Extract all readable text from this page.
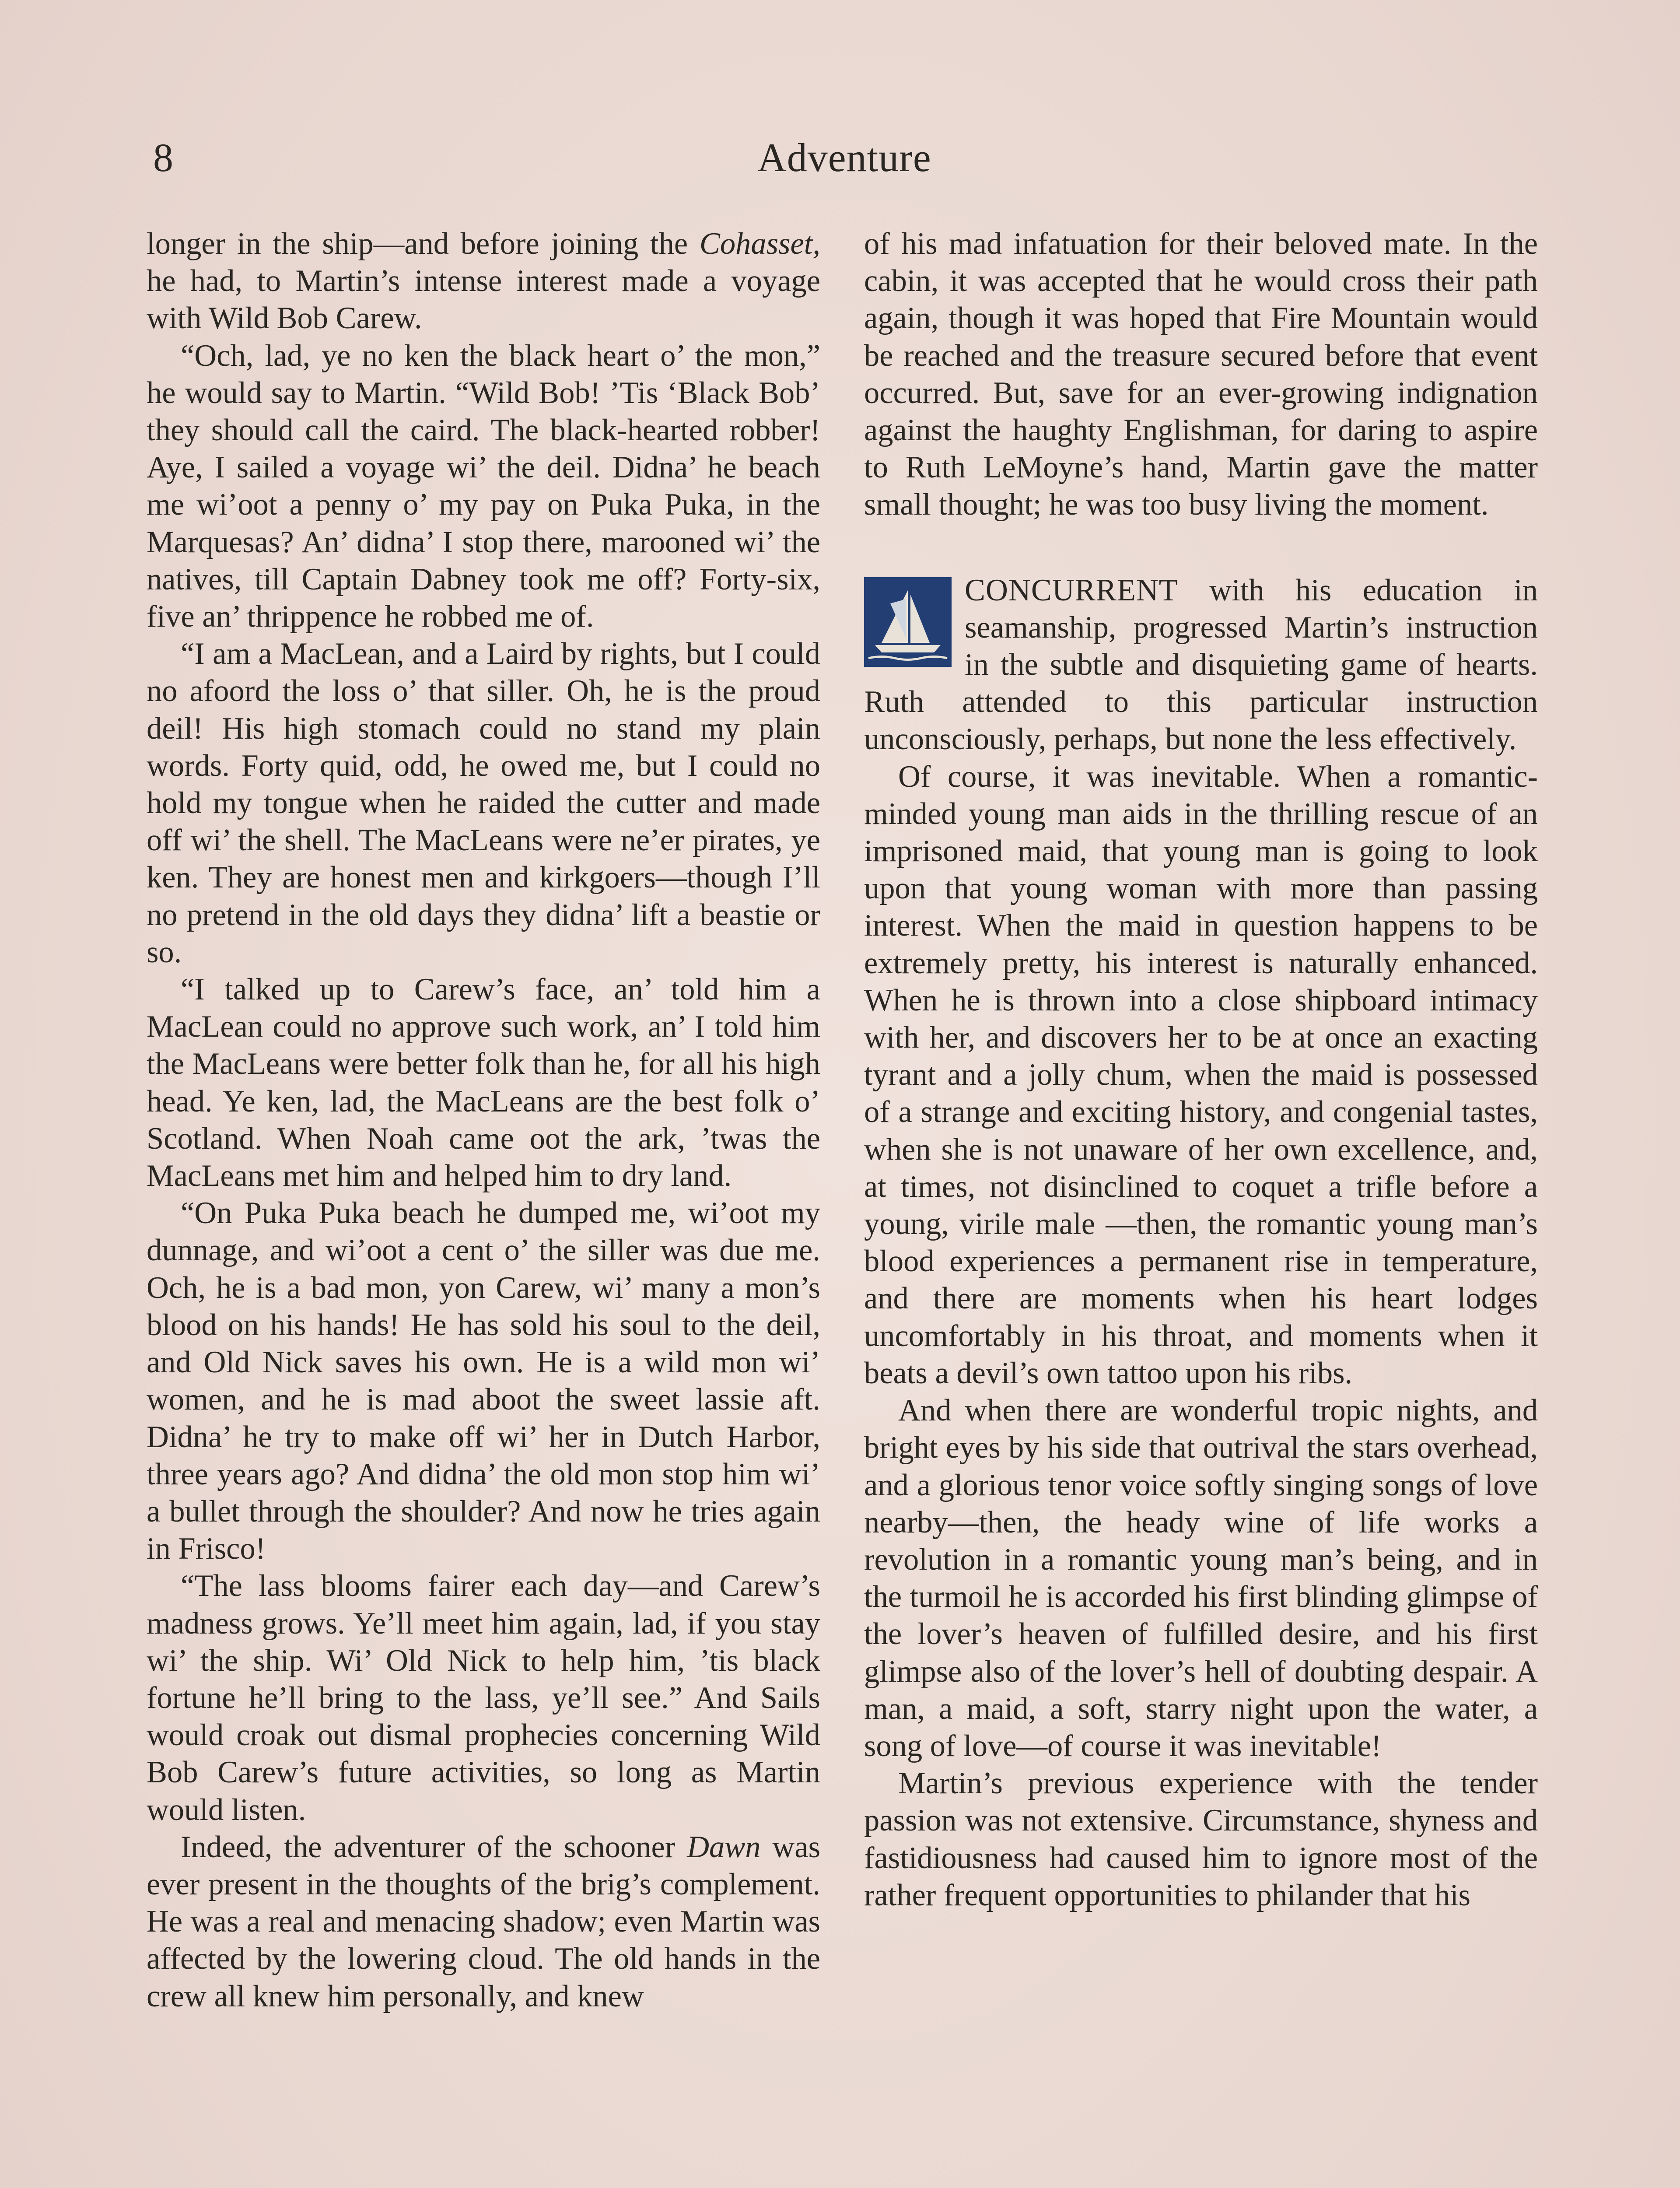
8	Adventure

longer in the ship—and before joining the Cohasset, he had, to Martin’s intense interest made a voyage with Wild Bob Carew.

“Och, lad, ye no ken the black heart o’ the mon,” he would say to Martin. “Wild Bob! ’Tis ‘Black Bob’ they should call the caird. The black-hearted robber! Aye, I sailed a voyage wi’ the deil. Didna’ he beach me wi’oot a penny o’ my pay on Puka Puka, in the Marquesas? An’ didna’ I stop there, marooned wi’ the natives, till Captain Dabney took me off? Forty-six, five an’ thrippence he robbed me of.

“I am a MacLean, and a Laird by rights, but I could no afoord the loss o’ that siller. Oh, he is the proud deil! His high stomach could no stand my plain words. Forty quid, odd, he owed me, but I could no hold my tongue when he raided the cutter and made off wi’ the shell. The MacLeans were ne’er pirates, ye ken. They are honest men and kirkgoers—though I’ll no pretend in the old days they didna’ lift a beastie or so.

“I talked up to Carew’s face, an’ told him a MacLean could no approve such work, an’ I told him the MacLeans were better folk than he, for all his high head. Ye ken, lad, the MacLeans are the best folk o’ Scotland. When Noah came oot the ark, ’twas the MacLeans met him and helped him to dry land.

“On Puka Puka beach he dumped me, wi’oot my dunnage, and wi’oot a cent o’ the siller was due me. Och, he is a bad mon, yon Carew, wi’ many a mon’s blood on his hands! He has sold his soul to the deil, and Old Nick saves his own. He is a wild mon wi’ women, and he is mad aboot the sweet lassie aft. Didna’ he try to make off wi’ her in Dutch Harbor, three years ago? And didna’ the old mon stop him wi’ a bullet through the shoulder? And now he tries again in Frisco!

“The lass blooms fairer each day—and Carew’s madness grows. Ye’ll meet him again, lad, if you stay wi’ the ship. Wi’ Old Nick to help him, ’tis black fortune he’ll bring to the lass, ye’ll see.” And Sails would croak out dismal prophecies concerning Wild Bob Carew’s future activities, so long as Martin would listen.

Indeed, the adventurer of the schooner Dawn was ever present in the thoughts of the brig’s complement. He was a real and menacing shadow; even Martin was affected by the lowering cloud. The old hands in the crew all knew him personally, and knew

of his mad infatuation for their beloved mate. In the cabin, it was accepted that he would cross their path again, though it was hoped that Fire Mountain would be reached and the treasure secured before that event occurred. But, save for an ever-growing indignation against the haughty Englishman, for daring to aspire to Ruth LeMoyne’s hand, Martin gave the matter small thought; he was too busy living the moment.

CONCURRENT with his education in seamanship, progressed Martin’s instruction in the subtle and disquieting game of hearts. Ruth attended to this particular instruction unconsciously, perhaps, but none the less effectively.

Of course, it was inevitable. When a romantic-minded young man aids in the thrilling rescue of an imprisoned maid, that young man is going to look upon that young woman with more than passing interest. When the maid in question happens to be extremely pretty, his interest is naturally enhanced. When he is thrown into a close shipboard intimacy with her, and discovers her to be at once an exacting tyrant and a jolly chum, when the maid is possessed of a strange and exciting history, and congenial tastes, when she is not unaware of her own excellence, and, at times, not disinclined to coquet a trifle before a young, virile male —then, the romantic young man’s blood experiences a permanent rise in temperature, and there are moments when his heart lodges uncomfortably in his throat, and moments when it beats a devil’s own tattoo upon his ribs.

And when there are wonderful tropic nights, and bright eyes by his side that outrival the stars overhead, and a glorious tenor voice softly singing songs of love nearby—then, the heady wine of life works a revolution in a romantic young man’s being, and in the turmoil he is accorded his first blinding glimpse of the lover’s heaven of fulfilled desire, and his first glimpse also of the lover’s hell of doubting despair. A man, a maid, a soft, starry night upon the water, a song of love—of course it was inevitable!

Martin’s previous experience with the tender passion was not extensive. Circumstance, shyness and fastidiousness had caused him to ignore most of the rather frequent opportunities to philander that his
